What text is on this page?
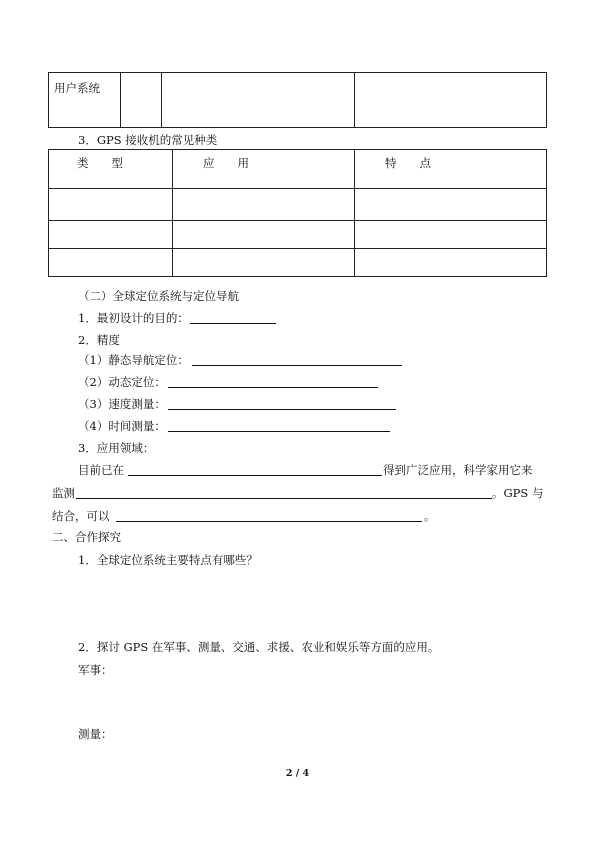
用户系统

3．GPS 接收机的常见种类
类　　型	应　　用	特　　点

（二）全球定位系统与定位导航
1．最初设计的目的：
2．精度
（1）静态导航定位：
（2）动态定位：
（3）速度测量：
（4）时间测量：
3．应用领域：
目前已在	得到广泛应用，科学家用它来
监测	。GPS 与
结合，可以	。
二、合作探究
1．全球定位系统主要特点有哪些？
2．探讨 GPS 在军事、测量、交通、求援、农业和娱乐等方面的应用。
军事：
测量：
2 / 4
